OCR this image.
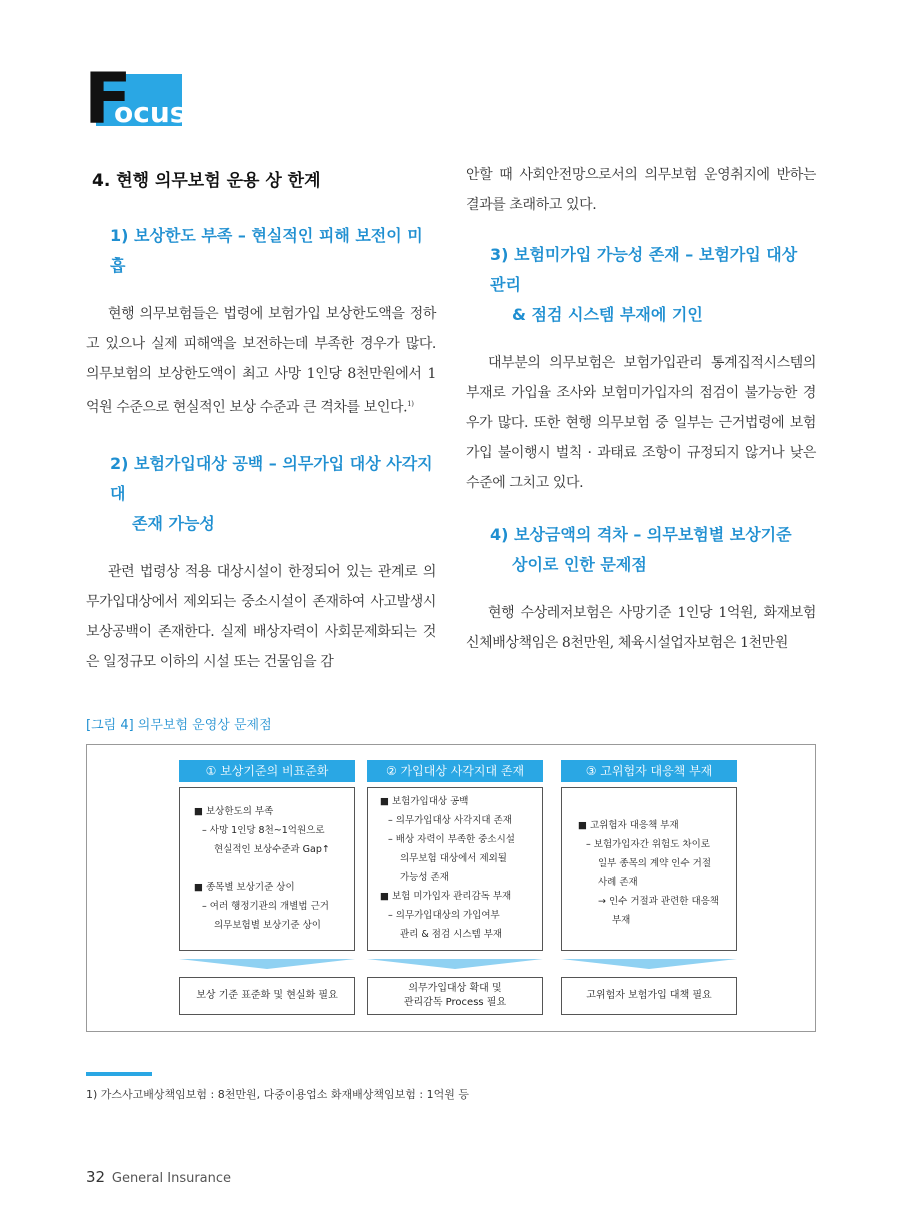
F
ocus
4. 현행 의무보험 운용 상 한계
1) 보상한도 부족 – 현실적인 피해 보전이 미흡

현행 의무보험들은 법령에 보험가입 보상한도액을 정하고 있으나 실제 피해액을 보전하는데 부족한 경우가 많다. 의무보험의 보상한도액이 최고 사망 1인당 8천만원에서 1억원 수준으로 현실적인 보상 수준과 큰 격차를 보인다.$^{1)}$

2) 보험가입대상 공백 – 의무가입 대상 사각지대
존재 가능성

관련 법령상 적용 대상시설이 한정되어 있는 관계로 의무가입대상에서 제외되는 중소시설이 존재하여 사고발생시 보상공백이 존재한다. 실제 배상자력이 사회문제화되는 것은 일정규모 이하의 시설 또는 건물임을 감

안할 때 사회안전망으로서의 의무보험 운영취지에 반하는 결과를 초래하고 있다.

3) 보험미가입 가능성 존재 – 보험가입 대상 관리
& 점검 시스템 부재에 기인

대부분의 의무보험은 보험가입관리 통계집적시스템의 부재로 가입율 조사와 보험미가입자의 점검이 불가능한 경우가 많다. 또한 현행 의무보험 중 일부는 근거법령에 보험가입 불이행시 벌칙 · 과태료 조항이 규정되지 않거나 낮은 수준에 그치고 있다.

4) 보상금액의 격차 – 의무보험별 보상기준
상이로 인한 문제점

현행 수상레저보험은 사망기준 1인당 1억원, 화재보험 신체배상책임은 8천만원, 체육시설업자보험은 1천만원

[그림 4] 의무보험 운영상 문제점
① 보상기준의 비표준화	② 가입대상 사각지대 존재	③ 고위험자 대응책 부재
■ 보상한도의 부족
– 사망 1인당 8천~1억원으로
현실적인 보상수준과 Gap↑
■ 종목별 보상기준 상이
– 여러 행정기관의 개별법 근거
의무보험별 보상기준 상이
■ 보험가입대상 공백
– 의무가입대상 사각지대 존재
– 배상 자력이 부족한 중소시설
의무보험 대상에서 제외될
가능성 존재
■ 보험 미가입자 관리감독 부재
– 의무가입대상의 가입여부
관리 & 점검 시스템 부재
■ 고위험자 대응책 부재
– 보험가입자간 위험도 차이로
일부 종목의 계약 인수 거절
사례 존재
→ 인수 거절과 관련한 대응책
부재
보상 기준 표준화 및 현실화 필요
의무가입대상 확대 및
관리감독 Process 필요
고위험자 보험가입 대책 필요
1) 가스사고배상책임보험 : 8천만원, 다중이용업소 화재배상책임보험 : 1억원 등
32 General Insurance
